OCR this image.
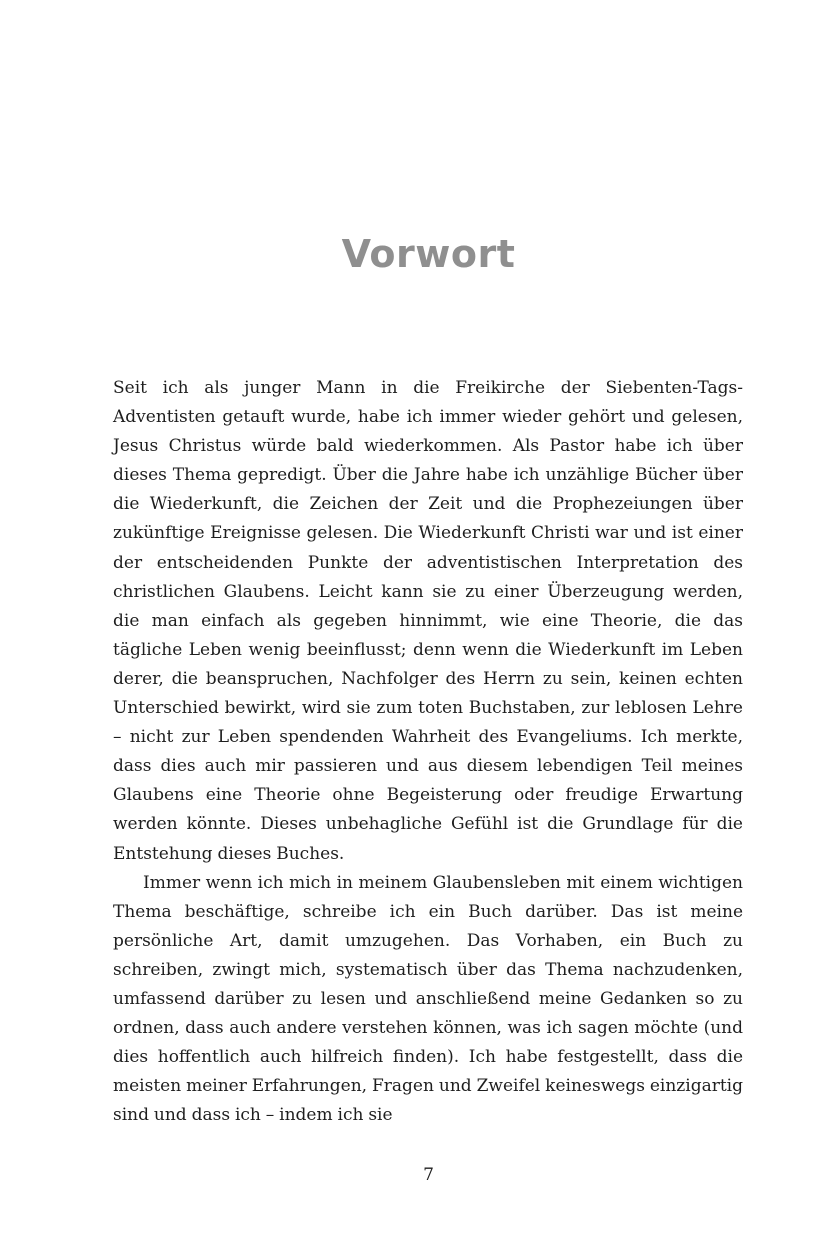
Vorwort

Seit ich als junger Mann in die Freikirche der Siebenten-Tags-Adventisten getauft wurde, habe ich immer wieder gehört und gelesen, Jesus Christus würde bald wiederkommen. Als Pastor habe ich über dieses Thema gepredigt. Über die Jahre habe ich unzählige Bücher über die Wiederkunft, die Zeichen der Zeit und die Prophezeiungen über zukünftige Ereignisse gelesen. Die Wiederkunft Christi war und ist einer der entscheidenden Punkte der adventistischen Interpretation des christlichen Glaubens. Leicht kann sie zu einer Überzeugung werden, die man einfach als gegeben hinnimmt, wie eine Theorie, die das tägliche Leben wenig beeinflusst; denn wenn die Wiederkunft im Leben derer, die beanspruchen, Nachfolger des Herrn zu sein, keinen echten Unterschied bewirkt, wird sie zum toten Buchstaben, zur leblosen Lehre – nicht zur Leben spendenden Wahrheit des Evangeliums. Ich merkte, dass dies auch mir passieren und aus diesem lebendigen Teil meines Glaubens eine Theorie ohne Begeisterung oder freudige Erwartung werden könnte. Dieses unbehagliche Gefühl ist die Grundlage für die Entstehung dieses Buches.

Immer wenn ich mich in meinem Glaubensleben mit einem wichtigen Thema beschäftige, schreibe ich ein Buch darüber. Das ist meine persönliche Art, damit umzugehen. Das Vorhaben, ein Buch zu schreiben, zwingt mich, systematisch über das Thema nachzudenken, umfassend darüber zu lesen und anschließend meine Gedanken so zu ordnen, dass auch andere verstehen können, was ich sagen möchte (und dies hoffentlich auch hilfreich finden). Ich habe festgestellt, dass die meisten meiner Erfahrungen, Fragen und Zweifel keineswegs einzigartig sind und dass ich – indem ich sie

7
